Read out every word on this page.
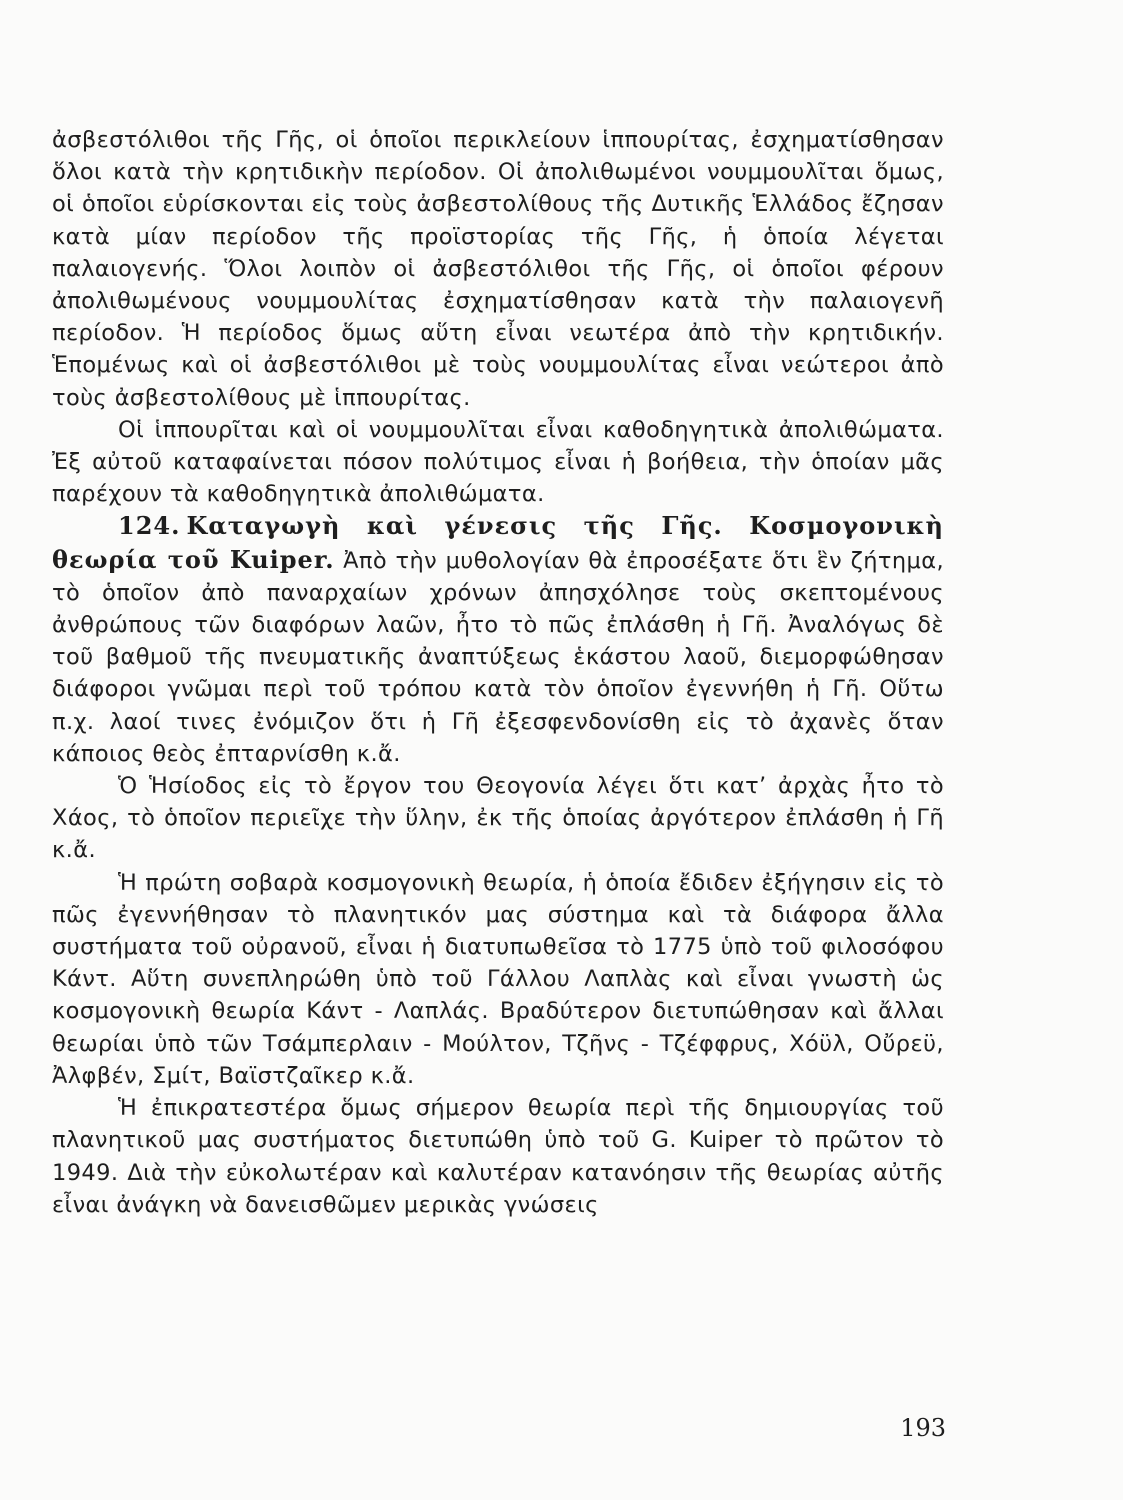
ἀσβεστόλιθοι τῆς Γῆς, οἱ ὁποῖοι περικλείουν ἱππουρίτας, ἐσχηματίσθησαν ὅλοι κατὰ τὴν κρητιδικὴν περίοδον. Οἱ ἀπολιθωμένοι νουμμουλῖται ὅμως, οἱ ὁποῖοι εὑρίσκονται εἰς τοὺς ἀσβεστολίθους τῆς Δυτικῆς Ἑλλάδος ἔζησαν κατὰ μίαν περίοδον τῆς προϊστορίας τῆς Γῆς, ἡ ὁποία λέγεται παλαιογενής. Ὅλοι λοιπὸν οἱ ἀσβεστόλιθοι τῆς Γῆς, οἱ ὁποῖοι φέρουν ἀπολιθωμένους νουμμουλίτας ἐσχηματίσθησαν κατὰ τὴν παλαιογενῆ περίοδον. Ἡ περίοδος ὅμως αὕτη εἶναι νεωτέρα ἀπὸ τὴν κρητιδικήν. Ἑπομένως καὶ οἱ ἀσβεστόλιθοι μὲ τοὺς νουμμουλίτας εἶναι νεώτεροι ἀπὸ τοὺς ἀσβεστολίθους μὲ ἱππουρίτας.

Οἱ ἱππουρῖται καὶ οἱ νουμμουλῖται εἶναι καθοδηγητικὰ ἀπολιθώματα. Ἐξ αὐτοῦ καταφαίνεται πόσον πολύτιμος εἶναι ἡ βοήθεια, τὴν ὁποίαν μᾶς παρέχουν τὰ καθοδηγητικὰ ἀπολιθώματα.

124. Καταγωγὴ καὶ γένεσις τῆς Γῆς. Κοσμογονικὴ θεωρία τοῦ Kuiper. Ἀπὸ τὴν μυθολογίαν θὰ ἐπροσέξατε ὅτι ἓν ζήτημα, τὸ ὁποῖον ἀπὸ παναρχαίων χρόνων ἀπησχόλησε τοὺς σκεπτομένους ἀνθρώπους τῶν διαφόρων λαῶν, ἦτο τὸ πῶς ἐπλάσθη ἡ Γῆ. Ἀναλόγως δὲ τοῦ βαθμοῦ τῆς πνευματικῆς ἀναπτύξεως ἑκάστου λαοῦ, διεμορφώθησαν διάφοροι γνῶμαι περὶ τοῦ τρόπου κατὰ τὸν ὁποῖον ἐγεννήθη ἡ Γῆ. Οὕτω π.χ. λαοί τινες ἐνόμιζον ὅτι ἡ Γῆ ἐξεσφενδονίσθη εἰς τὸ ἀχανὲς ὅταν κάποιος θεὸς ἐπταρνίσθη κ.ἄ.

Ὁ Ἡσίοδος εἰς τὸ ἔργον του Θεογονία λέγει ὅτι κατ’ ἀρχὰς ἦτο τὸ Χάος, τὸ ὁποῖον περιεῖχε τὴν ὕλην, ἐκ τῆς ὁποίας ἀργότερον ἐπλάσθη ἡ Γῆ κ.ἄ.

Ἡ πρώτη σοβαρὰ κοσμογονικὴ θεωρία, ἡ ὁποία ἔδιδεν ἐξήγησιν εἰς τὸ πῶς ἐγεννήθησαν τὸ πλανητικόν μας σύστημα καὶ τὰ διάφορα ἄλλα συστήματα τοῦ οὐρανοῦ, εἶναι ἡ διατυπωθεῖσα τὸ 1775 ὑπὸ τοῦ φιλοσόφου Κάντ. Αὕτη συνεπληρώθη ὑπὸ τοῦ Γάλλου Λαπλὰς καὶ εἶναι γνωστὴ ὡς κοσμογονικὴ θεωρία Κάντ - Λαπλάς. Βραδύτερον διετυπώθησαν καὶ ἄλλαι θεωρίαι ὑπὸ τῶν Τσάμπερλαιν - Μούλτον, Τζῆνς - Τζέφφρυς, Χόϋλ, Οὔρεϋ, Ἀλφβέν, Σμίτ, Βαϊστζαῖκερ κ.ἄ.

Ἡ ἐπικρατεστέρα ὅμως σήμερον θεωρία περὶ τῆς δημιουργίας τοῦ πλανητικοῦ μας συστήματος διετυπώθη ὑπὸ τοῦ G. Kuiper τὸ πρῶτον τὸ 1949. Διὰ τὴν εὐκολωτέραν καὶ καλυτέραν κατανόησιν τῆς θεωρίας αὐτῆς εἶναι ἀνάγκη νὰ δανεισθῶμεν μερικὰς γνώσεις

193
